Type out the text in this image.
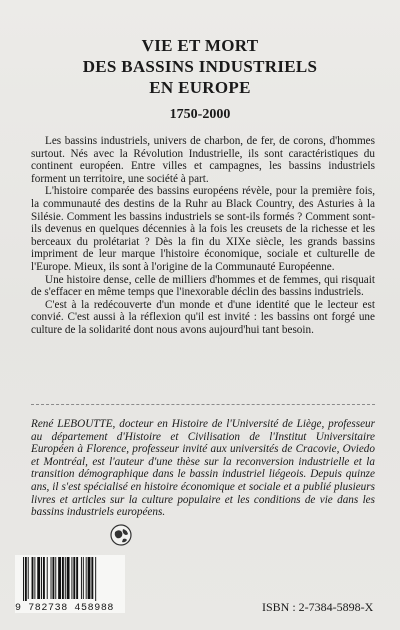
VIE ET MORT
DES BASSINS INDUSTRIELS
EN EUROPE
1750-2000

Les bassins industriels, univers de charbon, de fer, de corons, d'hommes surtout. Nés avec la Révolution Industrielle, ils sont caractéristiques du continent européen. Entre villes et campagnes, les bassins industriels forment un territoire, une société à part.

L'histoire comparée des bassins européens révèle, pour la première fois, la communauté des destins de la Ruhr au Black Country, des Asturies à la Silésie. Comment les bassins industriels se sont-ils formés ? Comment sont-ils devenus en quelques décennies à la fois les creusets de la richesse et les berceaux du prolétariat ? Dès la fin du XIXe siècle, les grands bassins impriment de leur marque l'histoire économique, sociale et culturelle de l'Europe. Mieux, ils sont à l'origine de la Communauté Européenne.

Une histoire dense, celle de milliers d'hommes et de femmes, qui risquait de s'effacer en même temps que l'inexorable déclin des bassins industriels.

C'est à la redécouverte d'un monde et d'une identité que le lecteur est convié. C'est aussi à la réflexion qu'il est invité : les bassins ont forgé une culture de la solidarité dont nous avons aujourd'hui tant besoin.

René LEBOUTTE, docteur en Histoire de l'Université de Liège, professeur au département d'Histoire et Civilisation de l'Institut Universitaire Européen à Florence, professeur invité aux universités de Cracovie, Oviedo et Montréal, est l'auteur d'une thèse sur la reconversion industrielle et la transition démographique dans le bassin industriel liégeois. Depuis quinze ans, il s'est spécialisé en histoire économique et sociale et a publié plusieurs livres et articles sur la culture populaire et les conditions de vie dans les bassins industriels européens.
9 782738 458988	ISBN : 2-7384-5898-X
